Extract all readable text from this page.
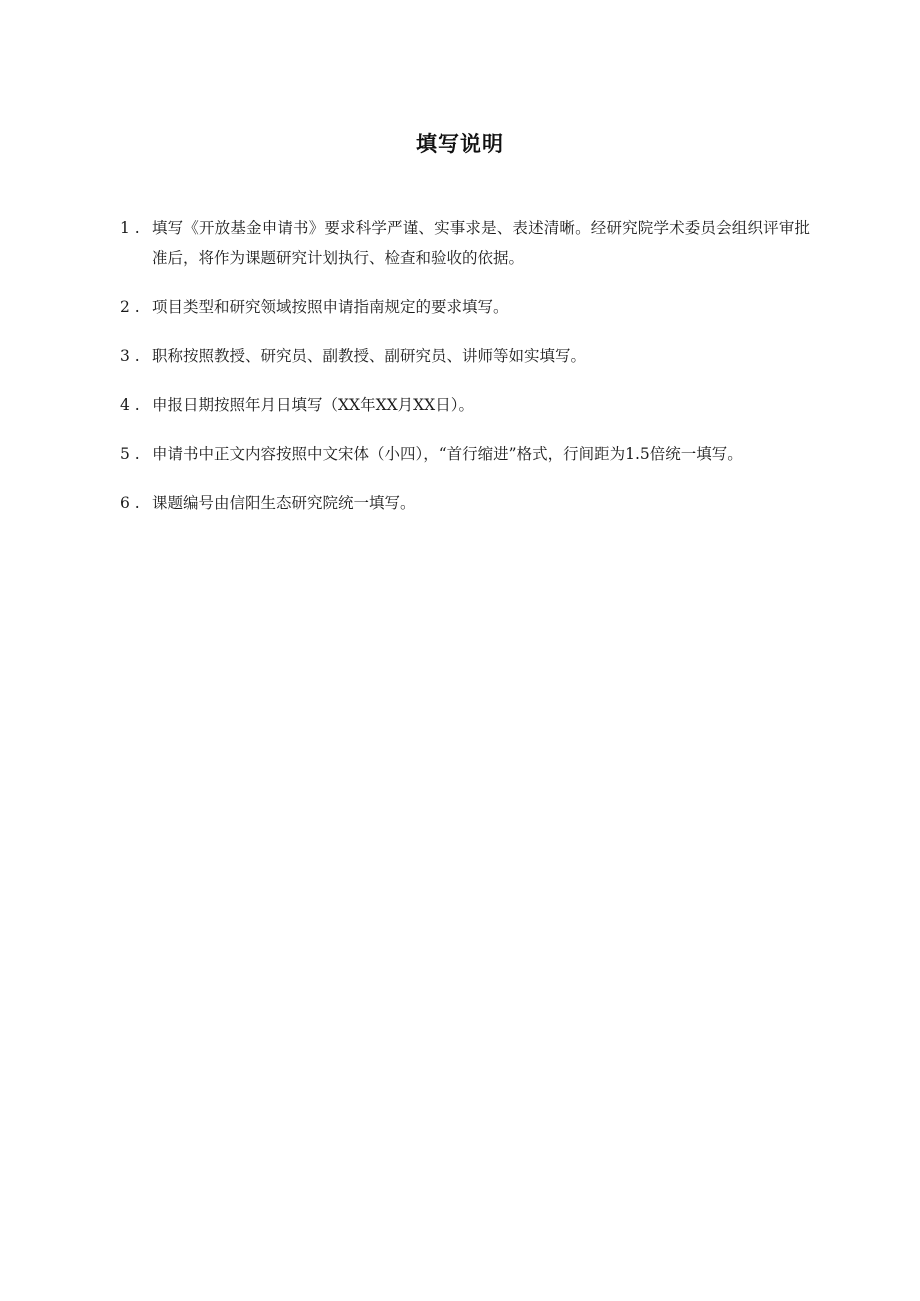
填写说明
1 . 填写《开放基金申请书》要求科学严谨、实事求是、表述清晰。经研究院学术委员会组织评审批准后，将作为课题研究计划执行、检查和验收的依据。
2 . 项目类型和研究领域按照申请指南规定的要求填写。
3 . 职称按照教授、研究员、副教授、副研究员、讲师等如实填写。
4 . 申报日期按照年月日填写（XX年XX月XX日）。
5 . 申请书中正文内容按照中文宋体（小四），“首行缩进”格式，行间距为1.5倍统一填写。
6 . 课题编号由信阳生态研究院统一填写。
